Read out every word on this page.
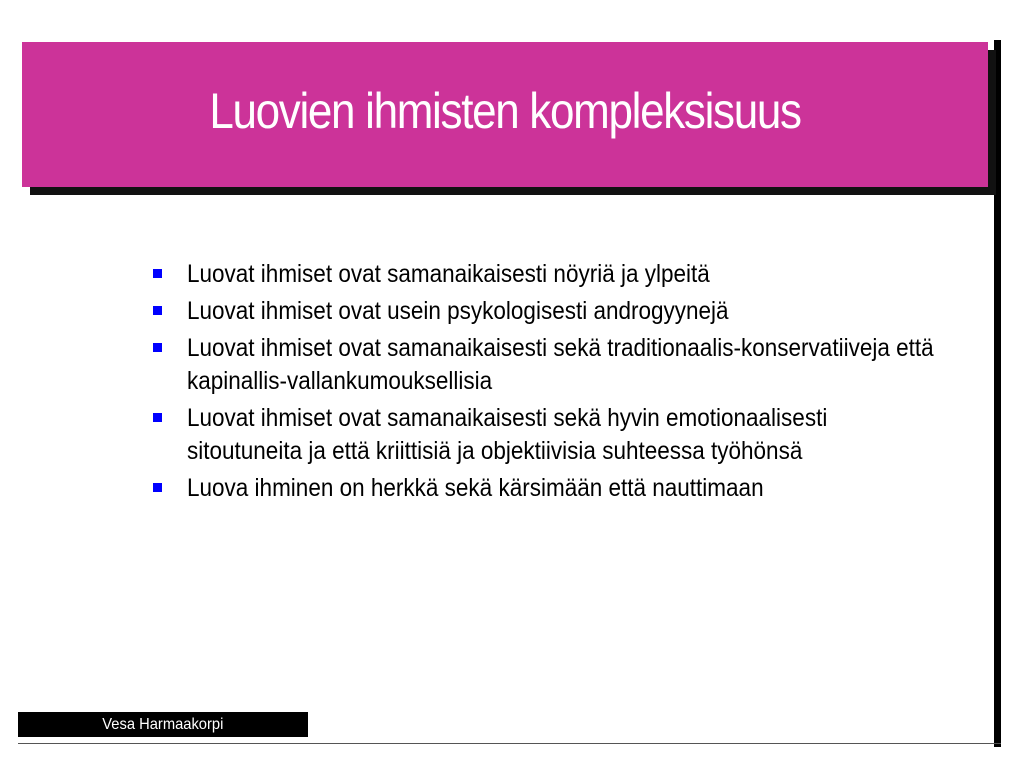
Luovien ihmisten kompleksisuus
Luovat ihmiset ovat samanaikaisesti nöyriä ja ylpeitä
Luovat ihmiset ovat usein psykologisesti androgyynejä
Luovat ihmiset ovat samanaikaisesti sekä traditionaalis-konservatiiveja että kapinallis-vallankumouksellisia
Luovat ihmiset ovat samanaikaisesti sekä hyvin emotionaalisesti sitoutuneita ja että kriittisiä ja objektiivisia suhteessa työhönsä
Luova ihminen on herkkä sekä kärsimään että nauttimaan
Vesa Harmaakorpi
